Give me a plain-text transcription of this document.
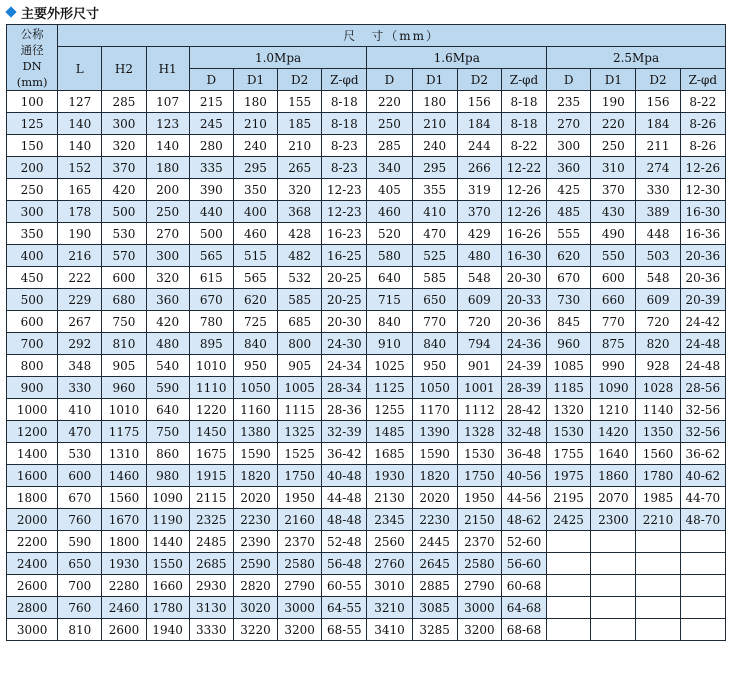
主要外形尺寸
公称
通径
DN
(mm)	尺　寸（mm）														
	L	H2	H1	1.0Mpa				1.6Mpa				2.5Mpa			
				D	D1	D2	Z-φd	D	D1	D2	Z-φd	D	D1	D2	Z-φd
100	127	285	107	215	180	155	8-18	220	180	156	8-18	235	190	156	8-22
125	140	300	123	245	210	185	8-18	250	210	184	8-18	270	220	184	8-26
150	140	320	140	280	240	210	8-23	285	240	244	8-22	300	250	211	8-26
200	152	370	180	335	295	265	8-23	340	295	266	12-22	360	310	274	12-26
250	165	420	200	390	350	320	12-23	405	355	319	12-26	425	370	330	12-30
300	178	500	250	440	400	368	12-23	460	410	370	12-26	485	430	389	16-30
350	190	530	270	500	460	428	16-23	520	470	429	16-26	555	490	448	16-36
400	216	570	300	565	515	482	16-25	580	525	480	16-30	620	550	503	20-36
450	222	600	320	615	565	532	20-25	640	585	548	20-30	670	600	548	20-36
500	229	680	360	670	620	585	20-25	715	650	609	20-33	730	660	609	20-39
600	267	750	420	780	725	685	20-30	840	770	720	20-36	845	770	720	24-42
700	292	810	480	895	840	800	24-30	910	840	794	24-36	960	875	820	24-48
800	348	905	540	1010	950	905	24-34	1025	950	901	24-39	1085	990	928	24-48
900	330	960	590	1110	1050	1005	28-34	1125	1050	1001	28-39	1185	1090	1028	28-56
1000	410	1010	640	1220	1160	1115	28-36	1255	1170	1112	28-42	1320	1210	1140	32-56
1200	470	1175	750	1450	1380	1325	32-39	1485	1390	1328	32-48	1530	1420	1350	32-56
1400	530	1310	860	1675	1590	1525	36-42	1685	1590	1530	36-48	1755	1640	1560	36-62
1600	600	1460	980	1915	1820	1750	40-48	1930	1820	1750	40-56	1975	1860	1780	40-62
1800	670	1560	1090	2115	2020	1950	44-48	2130	2020	1950	44-56	2195	2070	1985	44-70
2000	760	1670	1190	2325	2230	2160	48-48	2345	2230	2150	48-62	2425	2300	2210	48-70
2200	590	1800	1440	2485	2390	2370	52-48	2560	2445	2370	52-60				
2400	650	1930	1550	2685	2590	2580	56-48	2760	2645	2580	56-60				
2600	700	2280	1660	2930	2820	2790	60-55	3010	2885	2790	60-68				
2800	760	2460	1780	3130	3020	3000	64-55	3210	3085	3000	64-68				
3000	810	2600	1940	3330	3220	3200	68-55	3410	3285	3200	68-68				
